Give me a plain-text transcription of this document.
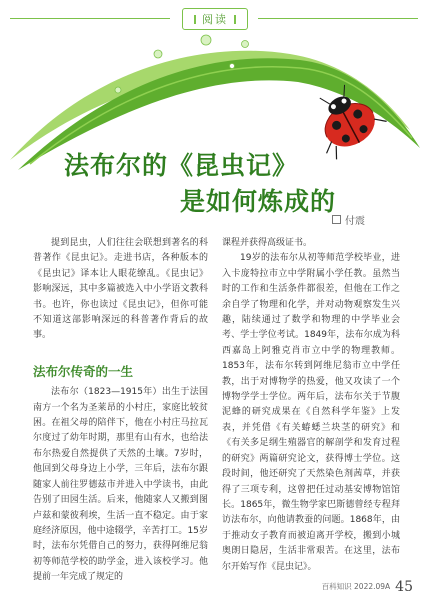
阅读
法布尔的《昆虫记》
是如何炼成的
付震

提到昆虫，人们往往会联想到著名的科普著作《昆虫记》。走进书店，各种版本的《昆虫记》译本让人眼花缭乱。《昆虫记》影响深远，其中多篇被选入中小学语文教科书。也许，你也读过《昆虫记》，但你可能不知道这部影响深远的科普著作背后的故事。

法布尔传奇的一生

法布尔（1823—1915年）出生于法国南方一个名为圣莱昂的小村庄，家庭比较贫困。在祖父母的陪伴下，他在小村庄马拉瓦尔度过了幼年时期，那里有山有水，也给法布尔热爱自然提供了天然的土壤。7岁时，他回到父母身边上小学，三年后，法布尔跟随家人前往罗德兹市并进入中学读书，由此告别了田园生活。后来，他随家人又搬到图卢兹和蒙彼利埃，生活一直不稳定。由于家庭经济原因，他中途辍学，辛苦打工。15岁时，法布尔凭借自己的努力，获得阿维尼翁初等师范学校的助学金，进入该校学习。他提前一年完成了规定的

课程并获得高级证书。

19岁的法布尔从初等师范学校毕业，进入卡庞特拉市立中学附属小学任教。虽然当时的工作和生活条件都很差，但他在工作之余自学了物理和化学，并对动物观察发生兴趣，陆续通过了数学和物理的中学毕业会考、学士学位考试。1849年，法布尔成为科西嘉岛上阿雅克肖市立中学的物理教师。1853年，法布尔转到阿维尼翁市立中学任教，出于对博物学的热爱，他又攻读了一个博物学学士学位。两年后，法布尔关于节腹泥蜂的研究成果在《自然科学年鉴》上发表，并凭借《有关蝽蟋兰块茎的研究》和《有关多足纲生殖器官的解剖学和发育过程的研究》两篇研究论文，获得博士学位。这段时间，他还研究了天然染色剂茜草，并获得了三项专利，这曾把任过动基安博物馆馆长。1865年，微生物学家巴斯德曾经专程拜访法布尔，向他请教蚕的问题。1868年，由于推动女子教育而被迫离开学校，搬到小城奥朗日隐居，生活非常艰苦。在这里，法布尔开始写作《昆虫记》。

百科知识 2022.09A 45
